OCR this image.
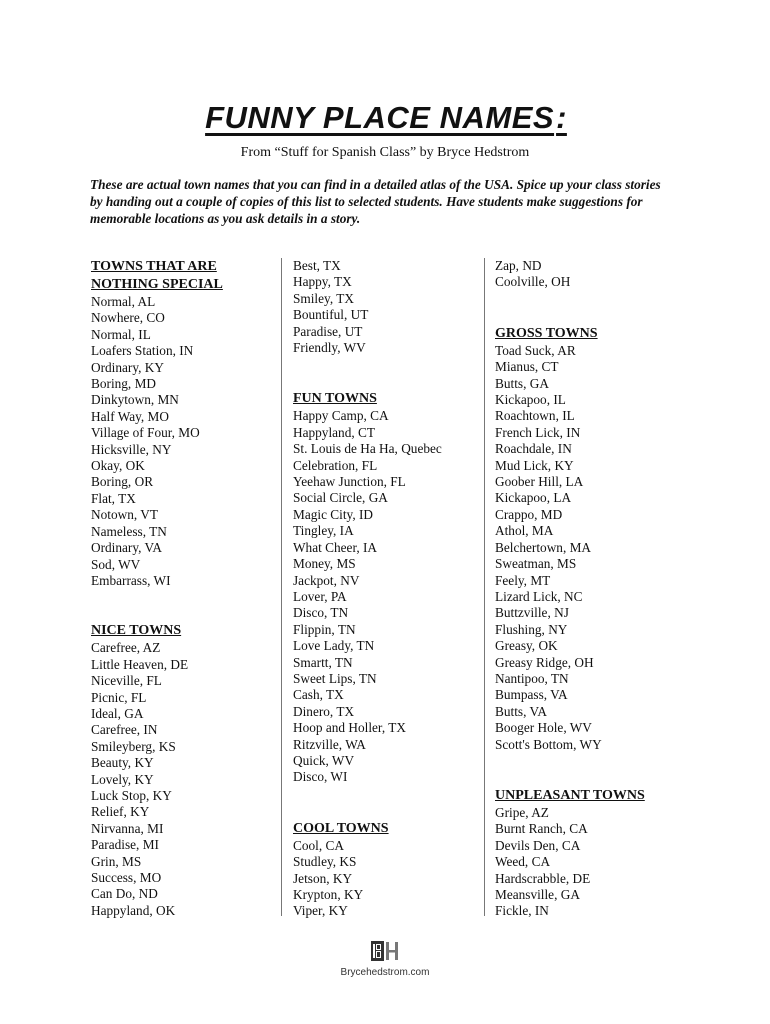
FUNNY PLACE NAMES:
From “Stuff for Spanish Class” by Bryce Hedstrom
These are actual town names that you can find in a detailed atlas of the USA. Spice up your class stories by handing out a couple of copies of this list to selected students. Have students make suggestions for memorable locations as you ask details in a story.
TOWNS THAT ARE
NOTHING SPECIAL
Normal, AL
Nowhere, CO
Normal, IL
Loafers Station, IN
Ordinary, KY
Boring, MD
Dinkytown, MN
Half Way, MO
Village of Four, MO
Hicksville, NY
Okay, OK
Boring, OR
Flat, TX
Notown, VT
Nameless, TN
Ordinary, VA
Sod, WV
Embarrass, WI
NICE TOWNS
Carefree, AZ
Little Heaven, DE
Niceville, FL
Picnic, FL
Ideal, GA
Carefree, IN
Smileyberg, KS
Beauty, KY
Lovely, KY
Luck Stop, KY
Relief, KY
Nirvanna, MI
Paradise, MI
Grin, MS
Success, MO
Can Do, ND
Happyland, OK
Best, TX
Happy, TX
Smiley, TX
Bountiful, UT
Paradise, UT
Friendly, WV
FUN TOWNS
Happy Camp, CA
Happyland, CT
St. Louis de Ha Ha, Quebec
Celebration, FL
Yeehaw Junction, FL
Social Circle, GA
Magic City, ID
Tingley, IA
What Cheer, IA
Money, MS
Jackpot, NV
Lover, PA
Disco, TN
Flippin, TN
Love Lady, TN
Smartt, TN
Sweet Lips, TN
Cash, TX
Dinero, TX
Hoop and Holler, TX
Ritzville, WA
Quick, WV
Disco, WI
COOL TOWNS
Cool, CA
Studley, KS
Jetson, KY
Krypton, KY
Viper, KY
Zap, ND
Coolville, OH
GROSS TOWNS
Toad Suck, AR
Mianus, CT
Butts, GA
Kickapoo, IL
Roachtown, IL
French Lick, IN
Roachdale, IN
Mud Lick, KY
Goober Hill, LA
Kickapoo, LA
Crappo, MD
Athol, MA
Belchertown, MA
Sweatman, MS
Feely, MT
Lizard Lick, NC
Buttzville, NJ
Flushing, NY
Greasy, OK
Greasy Ridge, OH
Nantipoo, TN
Bumpass, VA
Butts, VA
Booger Hole, WV
Scott's Bottom, WY
UNPLEASANT TOWNS
Gripe, AZ
Burnt Ranch, CA
Devils Den, CA
Weed, CA
Hardscrabble, DE
Meansville, GA
Fickle, IN
Brycehedstrom.com
